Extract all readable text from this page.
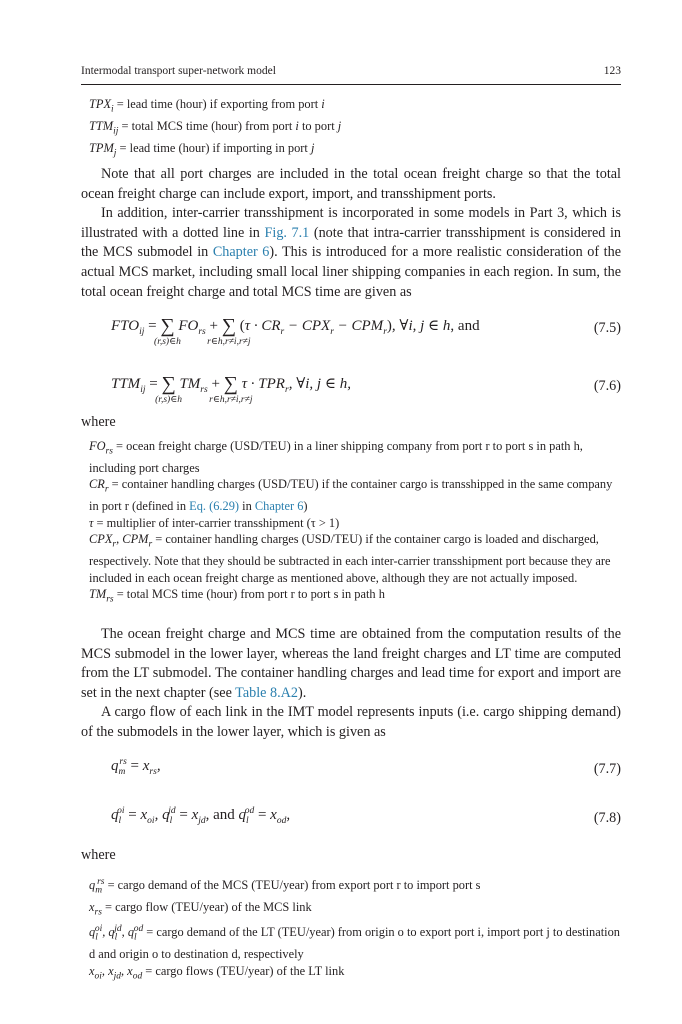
Intermodal transport super-network model	123

$TPX_i$ = lead time (hour) if exporting from port i

$TTM_{ij}$ = total MCS time (hour) from port i to port j

$TPM_j$ = lead time (hour) if importing in port j

Note that all port charges are included in the total ocean freight charge so that the total ocean freight charge can include export, import, and transshipment ports.

In addition, inter-carrier transshipment is incorporated in some models in Part 3, which is illustrated with a dotted line in Fig. 7.1 (note that intra-carrier transshipment is considered in the MCS submodel in Chapter 6). This is introduced for a more realistic consideration of the actual MCS market, including small local liner shipping companies in each region. In sum, the total ocean freight charge and total MCS time are given as

$FTO_{ij}$ = ∑
(r,s)∈h
$FO_{rs}$ + ∑
r∈h,r≠i,r≠j
$(\tau \cdot CR_r - CPX_r - CPM_r)$, ∀i, j ∈ h, and	(7.5)
$TTM_{ij}$ = ∑
(r,s)∈h
$TM_{rs}$ + ∑
r∈h,r≠i,r≠j
$\tau \cdot TPR_r$, ∀i, j ∈ h,	(7.6)
where

$FO_{rs}$ = ocean freight charge (USD/TEU) in a liner shipping company from port r to port s in path h, including port charges

$CR_r$ = container handling charges (USD/TEU) if the container cargo is transshipped in the same company in port r (defined in Eq. (6.29) in Chapter 6)

τ = multiplier of inter-carrier transshipment (τ > 1)

$CPX_r$, $CPM_r$ = container handling charges (USD/TEU) if the container cargo is loaded and discharged, respectively. Note that they should be subtracted in each inter-carrier transshipment port because they are included in each ocean freight charge as mentioned above, although they are not actually imposed.

$TM_{rs}$ = total MCS time (hour) from port r to port s in path h

The ocean freight charge and MCS time are obtained from the computation results of the MCS submodel in the lower layer, whereas the land freight charges and LT time are computed from the LT submodel. The container handling charges and lead time for export and import are set in the next chapter (see Table 8.A2).

A cargo flow of each link in the IMT model represents inputs (i.e. cargo shipping demand) of the submodels in the lower layer, which is given as

$q_m^{rs} = x_{rs}$,	(7.7)
$q_l^{oi} = x_{oi}$, $q_l^{jd} = x_{jd}$, and $q_l^{od} = x_{od}$,	(7.8)
where

$q_m^{rs}$ = cargo demand of the MCS (TEU/year) from export port r to import port s

$x_{rs}$ = cargo flow (TEU/year) of the MCS link

$q_l^{oi}$, $q_l^{jd}$, $q_l^{od}$ = cargo demand of the LT (TEU/year) from origin o to export port i, import port j to destination d and origin o to destination d, respectively

$x_{oi}$, $x_{jd}$, $x_{od}$ = cargo flows (TEU/year) of the LT link
